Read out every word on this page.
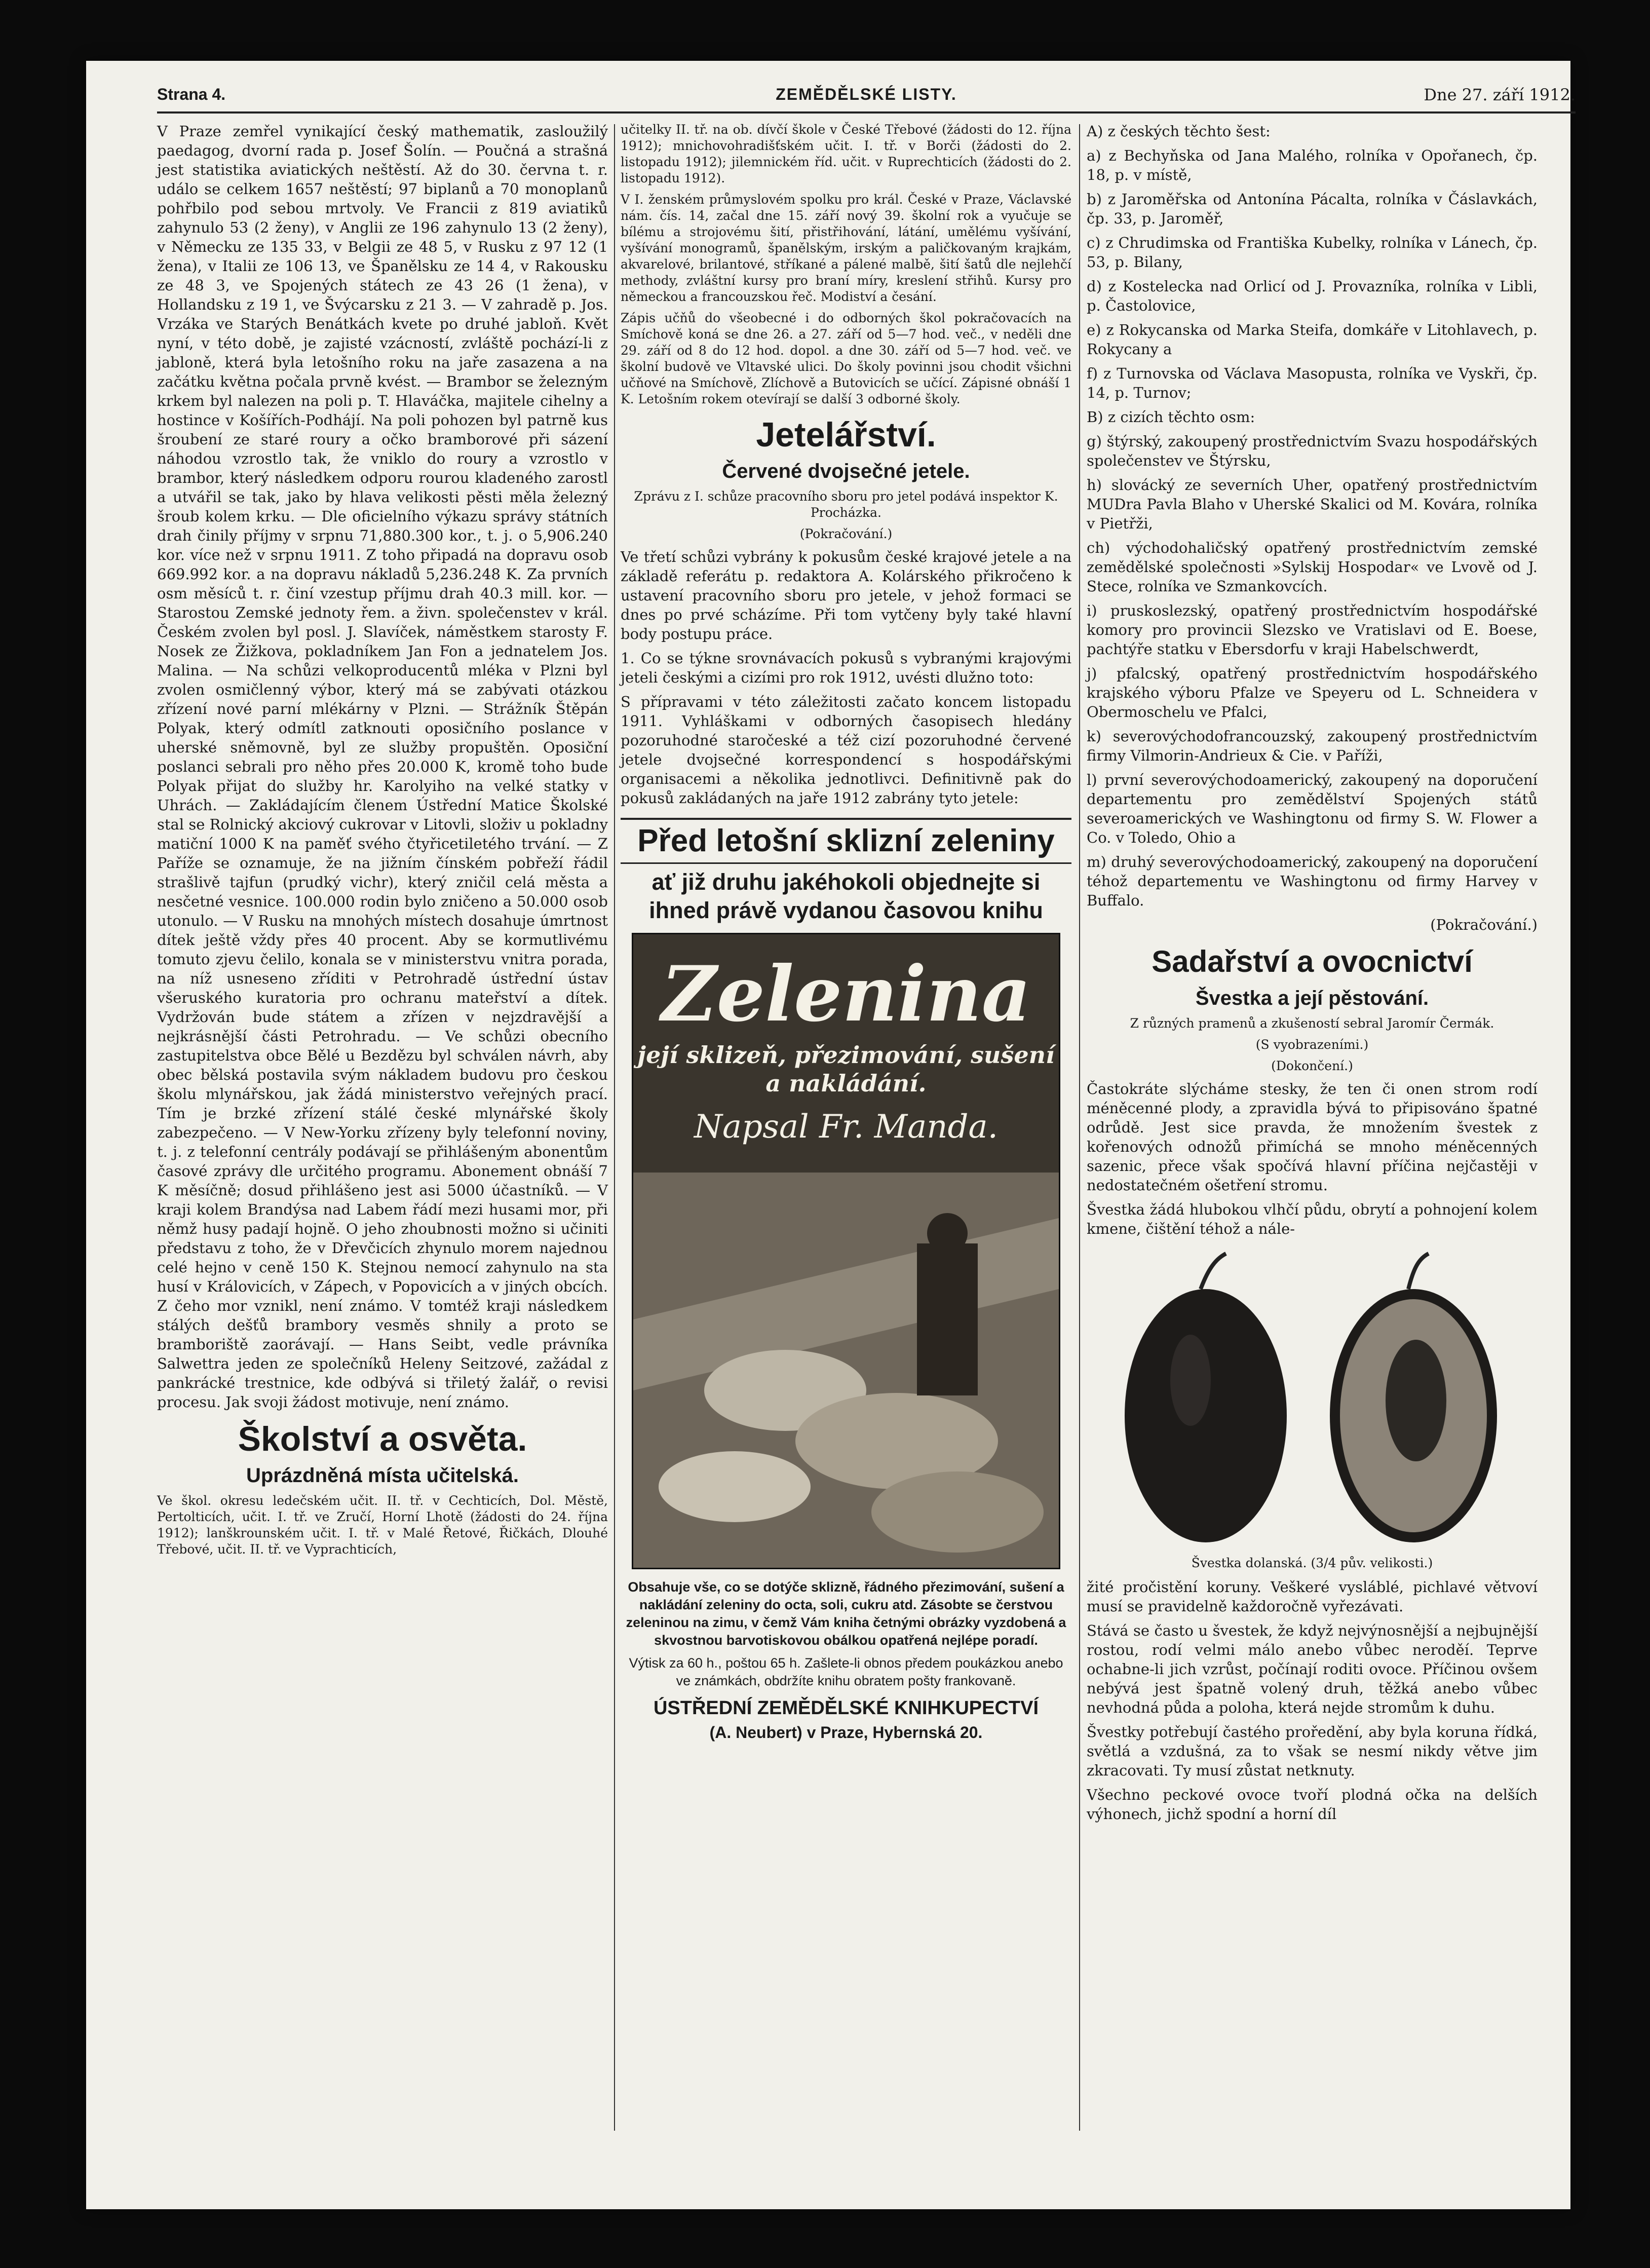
Strana 4.	ZEMĚDĚLSKÉ LISTY.	Dne 27. září 1912.

V Praze zemřel vynikající český mathematik, zasloužilý paedagog, dvorní rada p. Josef Šolín. — Poučná a strašná jest statistika aviatických neštěstí. Až do 30. června t. r. událo se celkem 1657 neštěstí; 97 biplanů a 70 monoplanů pohřbilo pod sebou mrtvoly. Ve Francii z 819 aviatiků zahynulo 53 (2 ženy), v Anglii ze 196 zahynulo 13 (2 ženy), v Německu ze 135 33, v Belgii ze 48 5, v Rusku z 97 12 (1 žena), v Italii ze 106 13, ve Španělsku ze 14 4, v Rakousku ze 48 3, ve Spojených státech ze 43 26 (1 žena), v Hollandsku z 19 1, ve Švýcarsku z 21 3. — V zahradě p. Jos. Vrzáka ve Starých Benátkách kvete po druhé jabloň. Květ nyní, v této době, je zajisté vzácností, zvláště pochází-li z jabloně, která byla letošního roku na jaře zasazena a na začátku května počala prvně kvést. — Brambor se železným krkem byl nalezen na poli p. T. Hlaváčka, majitele cihelny a hostince v Košířích-Podhájí. Na poli pohozen byl patrně kus šroubení ze staré roury a očko bramborové při sázení náhodou vzrostlo tak, že vniklo do roury a vzrostlo v brambor, který následkem odporu rourou kladeného zarostl a utvářil se tak, jako by hlava velikosti pěsti měla železný šroub kolem krku. — Dle oficielního výkazu správy státních drah činily příjmy v srpnu 71,880.300 kor., t. j. o 5,906.240 kor. více než v srpnu 1911. Z toho připadá na dopravu osob 669.992 kor. a na dopravu nákladů 5,236.248 K. Za prvních osm měsíců t. r. činí vzestup příjmu drah 40.3 mill. kor. — Starostou Zemské jednoty řem. a živn. společenstev v král. Českém zvolen byl posl. J. Slavíček, náměstkem starosty F. Nosek ze Žižkova, pokladníkem Jan Fon a jednatelem Jos. Malina. — Na schůzi velkoproducentů mléka v Plzni byl zvolen osmičlenný výbor, který má se zabývati otázkou zřízení nové parní mlékárny v Plzni. — Strážník Štěpán Polyak, který odmítl zatknouti oposičního poslance v uherské sněmovně, byl ze služby propuštěn. Oposiční poslanci sebrali pro něho přes 20.000 K, kromě toho bude Polyak přijat do služby hr. Karolyiho na velké statky v Uhrách. — Zakládajícím členem Ústřední Matice Školské stal se Rolnický akciový cukrovar v Litovli, složiv u pokladny matiční 1000 K na paměť svého čtyřicetiletého trvání. — Z Paříže se oznamuje, že na jižním čínském pobřeží řádil strašlivě tajfun (prudký vichr), který zničil celá města a nesčetné vesnice. 100.000 rodin bylo zničeno a 50.000 osob utonulo. — V Rusku na mnohých místech dosahuje úmrtnost dítek ještě vždy přes 40 procent. Aby se kormutlivému tomuto zjevu čelilo, konala se v ministerstvu vnitra porada, na níž usneseno zříditi v Petrohradě ústřední ústav všeruského kuratoria pro ochranu mateřství a dítek. Vydržován bude státem a zřízen v nejzdravější a nejkrásnější části Petrohradu. — Ve schůzi obecního zastupitelstva obce Bělé u Bezdězu byl schválen návrh, aby obec bělská postavila svým nákladem budovu pro českou školu mlynářskou, jak žádá ministerstvo veřejných prací. Tím je brzké zřízení stálé české mlynářské školy zabezpečeno. — V New-Yorku zřízeny byly telefonní noviny, t. j. z telefonní centrály podávají se přihlášeným abonentům časové zprávy dle určitého programu. Abonement obnáší 7 K měsíčně; dosud přihlášeno jest asi 5000 účastníků. — V kraji kolem Brandýsa nad Labem řádí mezi husami mor, při němž husy padají hojně. O jeho zhoubnosti možno si učiniti představu z toho, že v Dřevčicích zhynulo morem najednou celé hejno v ceně 150 K. Stejnou nemocí zahynulo na sta husí v Královicích, v Zápech, v Popovicích a v jiných obcích. Z čeho mor vznikl, není známo. V tomtéž kraji následkem stálých dešťů brambory vesměs shnily a proto se bramboriště zaorávají. — Hans Seibt, vedle právníka Salwettra jeden ze společníků Heleny Seitzové, zažádal z pankrácké trestnice, kde odbývá si třiletý žalář, o revisi procesu. Jak svoji žádost motivuje, není známo.

Školství a osvěta.
Uprázdněná místa učitelská.

Ve škol. okresu ledečském učit. II. tř. v Cechticích, Dol. Městě, Pertolticích, učit. I. tř. ve Zručí, Horní Lhotě (žádosti do 24. října 1912); lanškrounském učit. I. tř. v Malé Řetové, Řičkách, Dlouhé Třebové, učit. II. tř. ve Vyprachticích,

učitelky II. tř. na ob. dívčí škole v České Třebové (žádosti do 12. října 1912); mnichovohradišťském učit. I. tř. v Borči (žádosti do 2. listopadu 1912); jilemnickém říd. učit. v Ruprechticích (žádosti do 2. listopadu 1912).

V I. ženském průmyslovém spolku pro král. České v Praze, Václavské nám. čís. 14, začal dne 15. září nový 39. školní rok a vyučuje se bílému a strojovému šití, přistřihování, látání, umělému vyšívání, vyšívání monogramů, španělským, irským a paličkovaným krajkám, akvarelové, brilantové, stříkané a pálené malbě, šití šatů dle nejlehčí methody, zvláštní kursy pro braní míry, kreslení střihů. Kursy pro německou a francouzskou řeč. Modiství a česání.

Zápis učňů do všeobecné i do odborných škol pokračovacích na Smíchově koná se dne 26. a 27. září od 5—7 hod. več., v neděli dne 29. září od 8 do 12 hod. dopol. a dne 30. září od 5—7 hod. več. ve školní budově ve Vltavské ulici. Do školy povinni jsou chodit všichni učňové na Smíchově, Zlíchově a Butovicích se učící. Zápisné obnáší 1 K. Letošním rokem otevírají se další 3 odborné školy.

Jetelářství.
Červené dvojsečné jetele.

Zprávu z I. schůze pracovního sboru pro jetel podává inspektor K. Procházka.

(Pokračování.)

Ve třetí schůzi vybrány k pokusům české krajové jetele a na základě referátu p. redaktora A. Kolárského přikročeno k ustavení pracovního sboru pro jetele, v jehož formaci se dnes po prvé scházíme. Při tom vytčeny byly také hlavní body postupu práce.

1. Co se týkne srovnávacích pokusů s vybranými krajovými jeteli českými a cizími pro rok 1912, uvésti dlužno toto:

S přípravami v této záležitosti začato koncem listopadu 1911. Vyhláškami v odborných časopisech hledány pozoruhodné staročeské a též cizí pozoruhodné červené jetele dvojsečné korrespondencí s hospodářskými organisacemi a několika jednotlivci. Definitivně pak do pokusů zakládaných na jaře 1912 zabrány tyto jetele:

Před letošní sklizní zeleniny
ať již druhu jakéhokoli objednejte si ihned právě vydanou časovou knihu
Zelenina
její sklizeň, přezimování, sušení a nakládání.
Napsal Fr. Manda.

Obsahuje vše, co se dotýče sklizně, řádného přezimování, sušení a nakládání zeleniny do octa, soli, cukru atd. Zásobte se čerstvou zeleninou na zimu, v čemž Vám kniha četnými obrázky vyzdobená a skvostnou barvotiskovou obálkou opatřená nejlépe poradí.

Výtisk za 60 h., poštou 65 h. Zašlete-li obnos předem poukázkou anebo ve známkách, obdržíte knihu obratem pošty frankovaně.

ÚSTŘEDNÍ ZEMĚDĚLSKÉ KNIHKUPECTVÍ
(A. Neubert) v Praze, Hybernská 20.

A) z českých těchto šest:

a) z Bechyňska od Jana Malého, rolníka v Opořanech, čp. 18, p. v místě,

b) z Jaroměřska od Antonína Pácalta, rolníka v Čáslavkách, čp. 33, p. Jaroměř,

c) z Chrudimska od Františka Kubelky, rolníka v Lánech, čp. 53, p. Bilany,

d) z Kostelecka nad Orlicí od J. Provazníka, rolníka v Libli, p. Častolovice,

e) z Rokycanska od Marka Steifa, domkáře v Litohlavech, p. Rokycany a

f) z Turnovska od Václava Masopusta, rolníka ve Vyskři, čp. 14, p. Turnov;

B) z cizích těchto osm:

g) štýrský, zakoupený prostřednictvím Svazu hospodářských společenstev ve Štýrsku,

h) slovácký ze severních Uher, opatřený prostřednictvím MUDra Pavla Blaho v Uherské Skalici od M. Kovára, rolníka v Pietřži,

ch) východohaličský opatřený prostřednictvím zemské zemědělské společnosti »Sylskij Hospodar« ve Lvově od J. Stece, rolníka ve Szmankovcích.

i) pruskoslezský, opatřený prostřednictvím hospodářské komory pro provincii Slezsko ve Vratislavi od E. Boese, pachtýře statku v Ebersdorfu v kraji Habelschwerdt,

j) pfalcský, opatřený prostřednictvím hospodářského krajského výboru Pfalze ve Speyeru od L. Schneidera v Obermoschelu ve Pfalci,

k) severovýchodofrancouzský, zakoupený prostřednictvím firmy Vilmorin-Andrieux & Cie. v Paříži,

l) první severovýchodoamerický, zakoupený na doporučení departementu pro zemědělství Spojených států severoamerických ve Washingtonu od firmy S. W. Flower a Co. v Toledo, Ohio a

m) druhý severovýchodoamerický, zakoupený na doporučení téhož departementu ve Washingtonu od firmy Harvey v Buffalo.

(Pokračování.)

Sadařství a ovocnictví
Švestka a její pěstování.

Z různých pramenů a zkušeností sebral Jaromír Čermák.

(S vyobrazeními.)

(Dokončení.)

Častokráte slýcháme stesky, že ten či onen strom rodí méněcenné plody, a zpravidla bývá to připisováno špatné odrůdě. Jest sice pravda, že množením švestek z kořenových odnožů přimíchá se mnoho méněcenných sazenic, přece však spočívá hlavní příčina nejčastěji v nedostatečném ošetření stromu.

Švestka žádá hlubokou vlhčí půdu, obrytí a pohnojení kolem kmene, čištění téhož a nále-

Švestka dolanská. (3/4 pův. velikosti.)

žité pročistění koruny. Veškeré vysláblé, pichlavé větvoví musí se pravidelně každoročně vyřezávati.

Stává se často u švestek, že když nejvýnosnější a nejbujnější rostou, rodí velmi málo anebo vůbec neroděí. Teprve ochabne-li jich vzrůst, počínají roditi ovoce. Příčinou ovšem nebývá jest špatně volený druh, těžká anebo vůbec nevhodná půda a poloha, která nejde stromům k duhu.

Švestky potřebují častého proředění, aby byla koruna řídká, světlá a vzdušná, za to však se nesmí nikdy větve jim zkracovati. Ty musí zůstat netknuty.

Všechno peckové ovoce tvoří plodná očka na delších výhonech, jichž spodní a horní díl
